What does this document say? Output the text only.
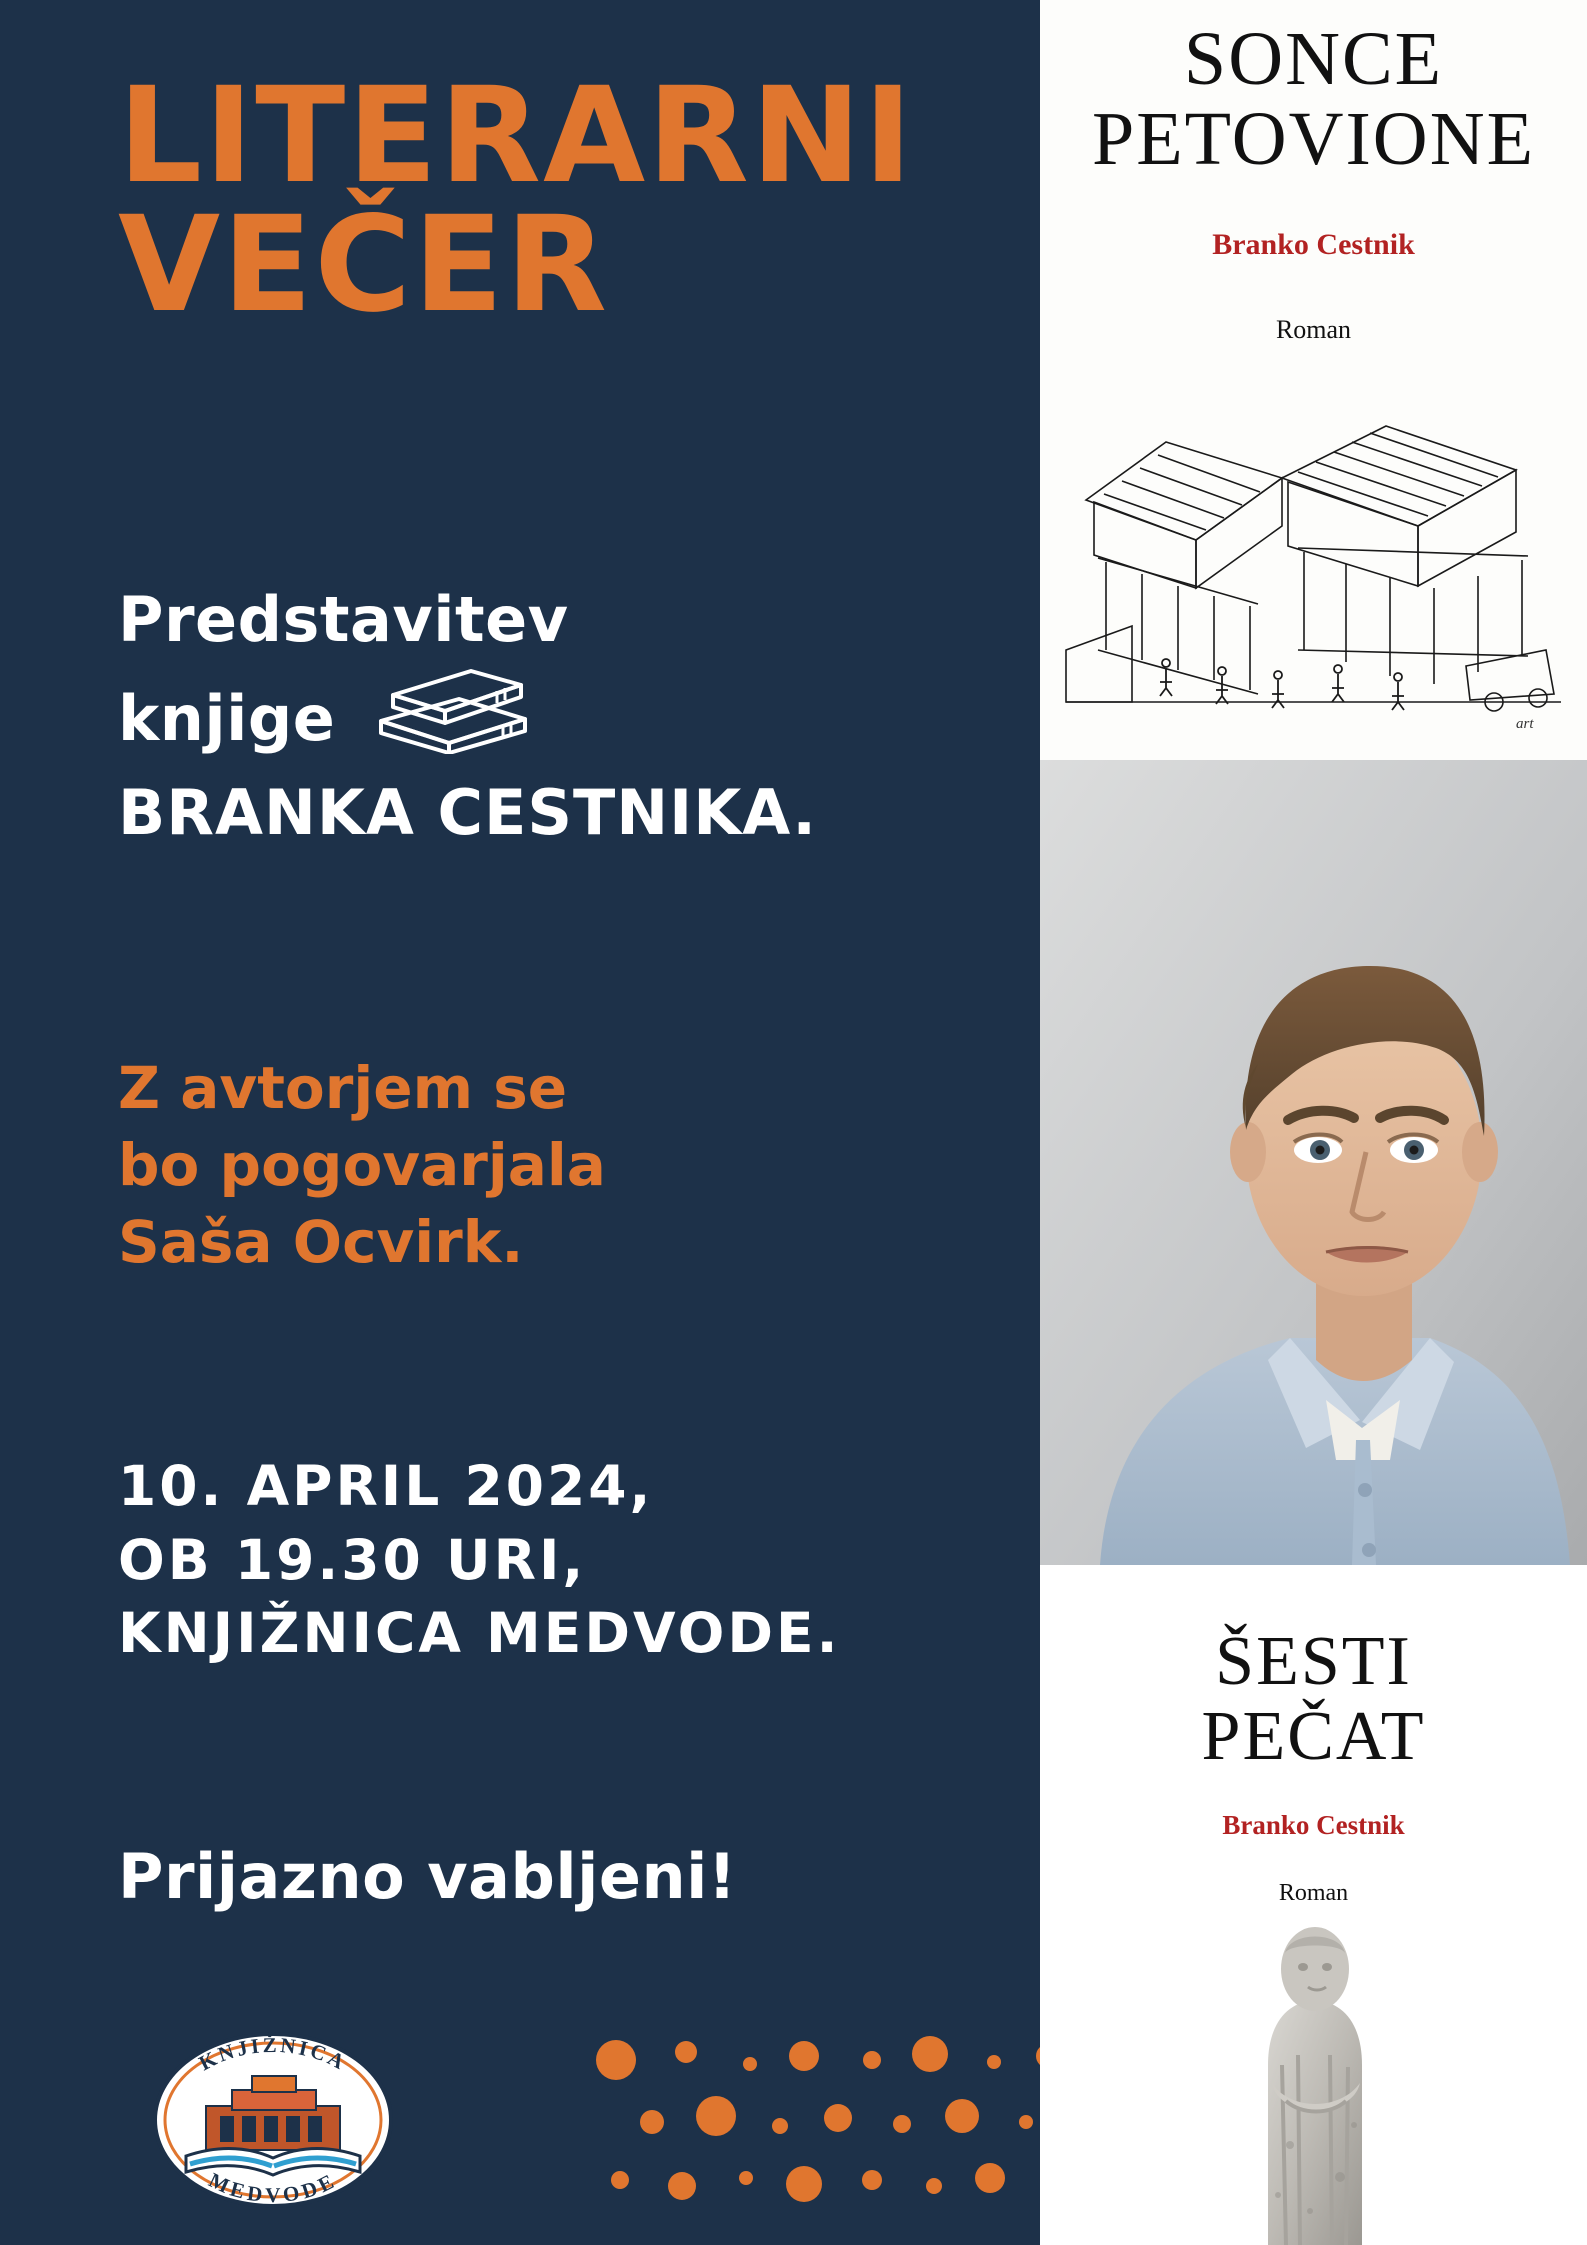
LITERARNI
VEČER
Predstavitev
knjige
BRANKA CESTNIKA.
Z avtorjem se
bo pogovarjala
Saša Ocvirk.
10. APRIL 2024,
OB 19.30 URI,
KNJIŽNICA MEDVODE.
Prijazno vabljeni!
KNJIŽNICA
MEDVODE
SONCE
PETOVIONE
Branko Cestnik
Roman
art
ŠESTI
PEČAT
Branko Cestnik
Roman
